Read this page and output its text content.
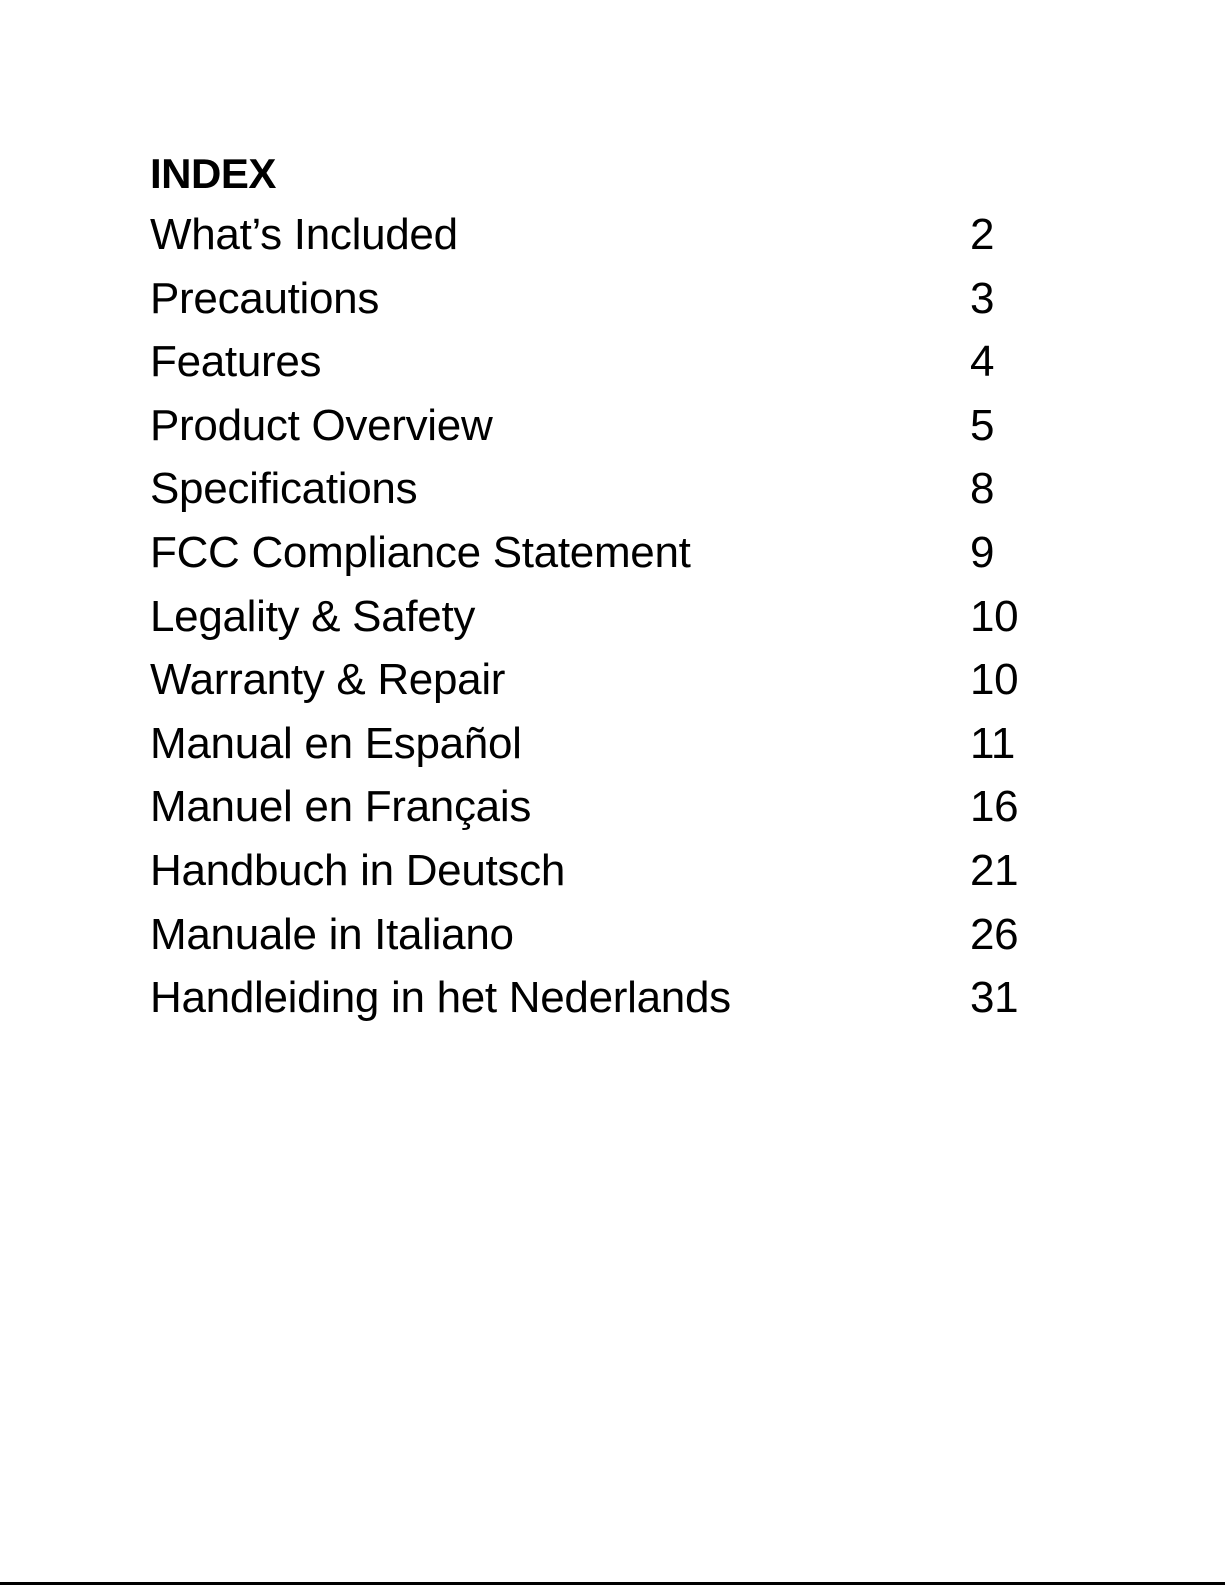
INDEX
What’s Included	2
Precautions	3
Features	4
Product Overview	5
Specifications	8
FCC Compliance Statement	9
Legality & Safety	10
Warranty & Repair	10
Manual en Español	11
Manuel en Français	16
Handbuch in Deutsch	21
Manuale in Italiano	26
Handleiding in het Nederlands	31
